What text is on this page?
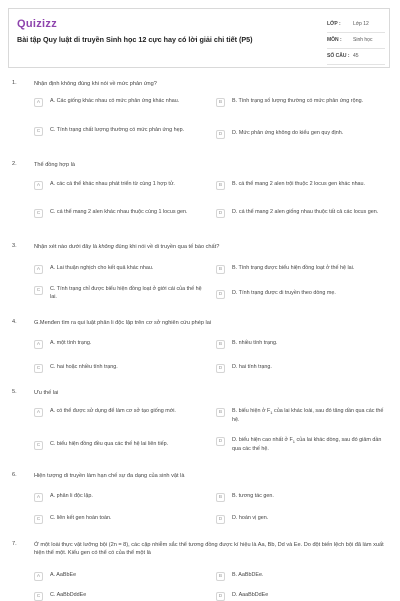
Quizizz
Bài tập Quy luật di truyền Sinh học 12 cực hay có lời giải chi tiết (P5)
LỚP : Lớp 12
MÔN : Sinh học
SỐ CÂU : 45
1.	Nhận định không đúng khi nói về mức phản ứng?
A	A. Các giống khác nhau có mức phản ứng khác nhau.	B	B. Tính trạng số lượng thường có mức phản ứng rộng.
C	C. Tính trạng chất lượng thường có mức phản ứng hẹp.
D	D. Mức phản ứng không do kiểu gen quy định.
2.	Thể đồng hợp là
A	A. các cá thể khác nhau phát triển từ cùng 1 hợp tử.	B	B. cá thể mang 2 alen trội thuộc 2 locus gen khác nhau.
C	C. cá thể mang 2 alen khác nhau thuộc cùng 1 locus gen.	D	D. cá thể mang 2 alen giống nhau thuộc tất cả các locus gen.
3.	Nhận xét nào dưới đây là không đúng khi nói về di truyền qua tế bào chất?
A	A. Lai thuận nghịch cho kết quả khác nhau.	B	B. Tính trạng được biểu hiện đồng loạt ở thế hệ lai.
C	C. Tính trạng chỉ được biểu hiện đồng loạt ở giới cái của thế hệ lai.	D	D. Tính trạng được di truyền theo dòng mẹ.
4.	G.Menđen tìm ra qui luật phân li độc lập trên cơ sở nghiên cứu phép lai
A	A. một tính trạng.	B	B. nhiều tính trạng.
C	C. hai hoặc nhiều tính trạng.	D	D. hai tính trạng.
5.	Ưu thế lai
A	A. có thể được sử dụng để làm cơ sở tạo giống mới.	B	B. biểu hiện ở $F_1$ của lai khác loài, sau đó tăng dần qua các thế hệ.
C	C. biểu hiện đồng đều qua các thế hệ lai liên tiếp.	D	D. biểu hiện cao nhất ở $F_1$ của lai khác dòng, sau đó giảm dần qua các thế hệ.
6.	Hiện tượng di truyền làm hạn chế sự đa dạng của sinh vật là
A	A. phân li độc lập.	B	B. tương tác gen.
C	C. liên kết gen hoàn toàn.	D	D. hoán vị gen.
7.	Ở một loài thực vật lưỡng bội (2n = 8), các cặp nhiễm sắc thể tương đồng được kí hiệu là Aa, Bb, Dd và Ee. Do đột biến lệch bội đã làm xuất hiện thể một. Kiểu gen có thể có của thể một là
A	A. AaBbEe	B	B. AaBbDEe.
C	C. AaBbDddEe	D	D. AaaBbDdEe
